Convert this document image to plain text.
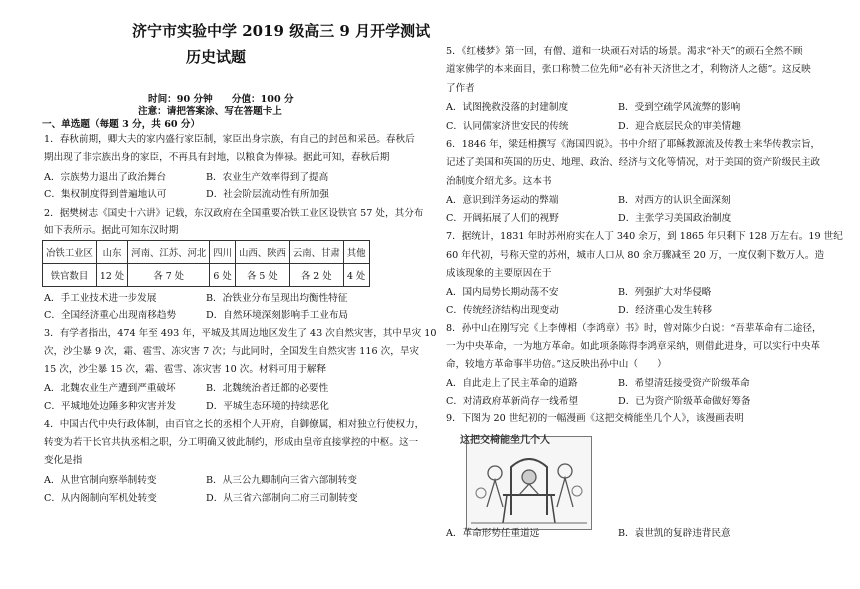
济宁市实验中学 2019 级高三 9 月开学测试
历史试题
时间：90 分钟　　分值：100 分
注意：请把答案涂、写在答题卡上
一、单选题（每题 3 分，共 60 分）
1．春秋前期，卿大夫的家内盛行家臣制，家臣出身宗族，有自己的封邑和采邑。春秋后
期出现了非宗族出身的家臣，不再具有封地，以粮食为俸禄。据此可知，春秋后期
A．宗族势力退出了政治舞台	B．农业生产效率得到了提高
C．集权制度得到普遍地认可	D．社会阶层流动性有所加强
2．据樊树志《国史十六讲》记载，东汉政府在全国重要冶铁工业区设铁官 57 处，其分布
如下表所示。据此可知东汉时期
冶铁工业区	山东	河南、江苏、河北	四川	山西、陕西	云南、甘肃	其他
铁官数目	12 处	各 7 处	6 处	各 5 处	各 2 处	4 处
A．手工业技术进一步发展	B．冶铁业分布呈现出均衡性特征
C．全国经济重心出现南移趋势	D．自然环境深刻影响手工业布局
3．有学者指出，474 年至 493 年，平城及其周边地区发生了 43 次自然灾害，其中旱灾 10
次，沙尘暴 9 次，霜、雹雪、冻灾害 7 次；与此同时，全国发生自然灾害 116 次，旱灾
15 次，沙尘暴 15 次，霜、雹雪、冻灾害 10 次。材料可用于解释
A．北魏农业生产遭到严重破坏	B．北魏统治者迁都的必要性
C．平城地处边陲多种灾害并发	D．平城生态环境的持续恶化
4．中国古代中央行政体制，由百官之长的丞相个人开府，自御僚属，相对独立行使权力，
转变为若干长官共执丞相之职，分工明确又彼此制约，形成由皇帝直接掌控的中枢。这一
变化是指
A．从世官制向察举制转变	B．从三公九卿制向三省六部制转变
C．从内阁制向军机处转变	D．从三省六部制向二府三司制转变
5．《红楼梦》第一回，有僧、道和一块顽石对话的场景。渴求“补天”的顽石全然不顾
道家佛学的本来面目，张口称赞二位先师“必有补天济世之才，利物济人之德”。这反映
了作者
A．试图挽救没落的封建制度	B．受到空疏学风流弊的影响
C．认同儒家济世安民的传统	D．迎合底层民众的审美情趣
6．1846 年，梁廷枏撰写《海国四说》。书中介绍了耶稣教源流及传教士来华传教宗旨，
记述了美国和英国的历史、地理、政治、经济与文化等情况，对于美国的资产阶级民主政
治制度介绍尤多。这本书
A．意识到洋务运动的弊端	B．对西方的认识全面深刻
C．开阔拓展了人们的视野	D．主张学习美国政治制度
7．据统计，1831 年时苏州府实在人丁 340 余万，到 1865 年只剩下 128 万左右。19 世纪
60 年代初，号称天堂的苏州，城市人口从 80 余万骤减至 20 万，一度仅剩下数万人。造
成该现象的主要原因在于
A．国内局势长期动荡不安	B．列强扩大对华侵略
C．传统经济结构出现变动	D．经济重心发生转移
8．孙中山在刚写完《上李傅相（李鸿章）书》时，曾对陈少白说：“吾辈革命有二途径，
一为中央革命，一为地方革命。如此项条陈得李鸿章采纳，则借此进身，可以实行中央革
命，较地方革命事半功倍。”这反映出孙中山（　　）
A．自此走上了民主革命的道路	B．希望清廷接受资产阶级革命
C．对清政府革新尚存一线希望	D．已为资产阶级革命做好筹备
9．下图为 20 世纪初的一幅漫画《这把交椅能坐几个人》，该漫画表明
这把交椅能坐几个人
A．革命形势任重道远	B．袁世凯的复辟违背民意
